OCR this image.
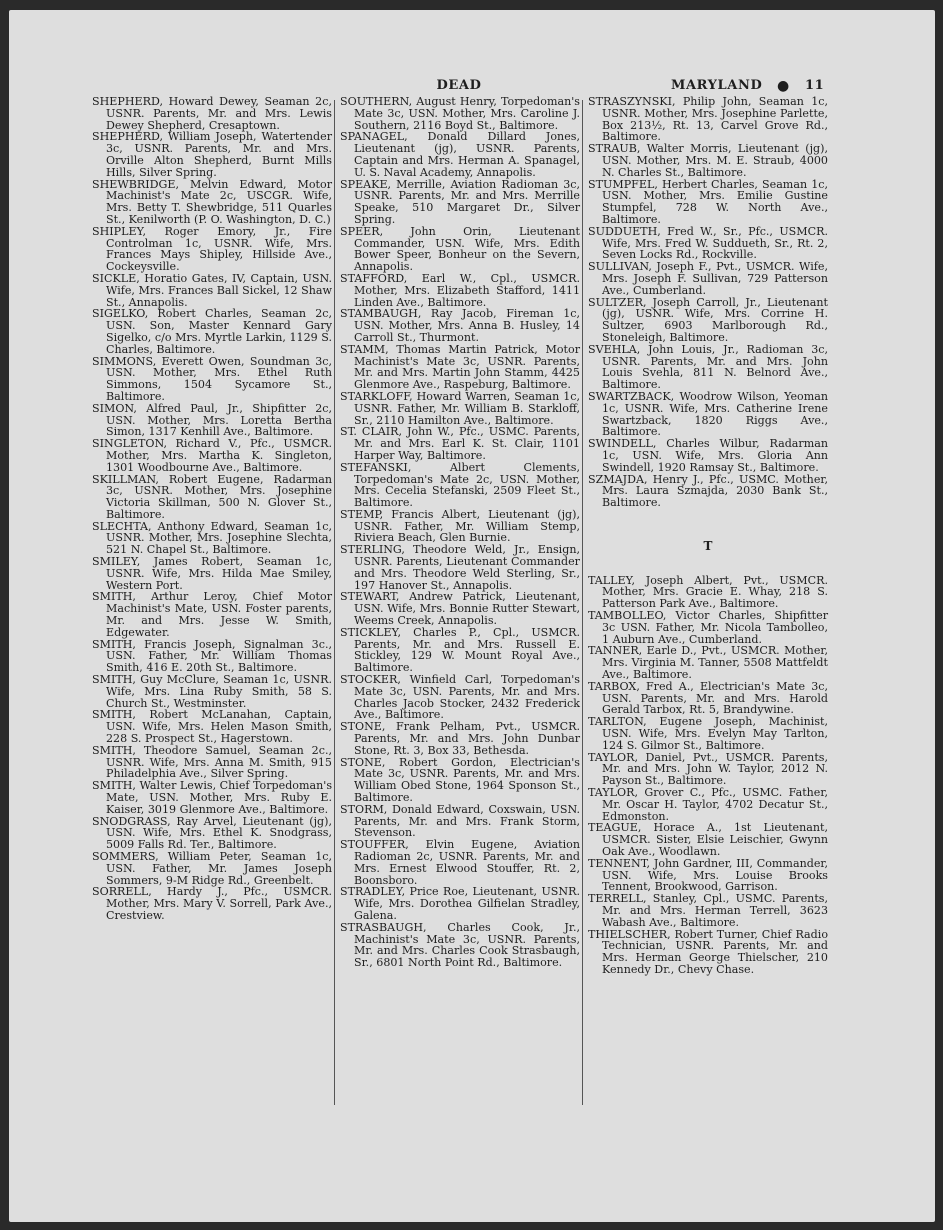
DEAD	MARYLAND ● 11
SHEPHERD, Howard Dewey, Seaman 2c, USNR. Parents, Mr. and Mrs. Lewis Dewey Shepherd, Cresaptown.
SHEPHERD, William Joseph, Watertender 3c, USNR. Parents, Mr. and Mrs. Orville Alton Shepherd, Burnt Mills Hills, Silver Spring.
SHEWBRIDGE, Melvin Edward, Motor Machinist's Mate 2c, USCGR. Wife, Mrs. Betty T. Shewbridge, 511 Quarles St., Kenilworth (P. O. Washington, D. C.)
SHIPLEY, Roger Emory, Jr., Fire Controlman 1c, USNR. Wife, Mrs. Frances Mays Shipley, Hillside Ave., Cockeysville.
SICKLE, Horatio Gates, IV, Captain, USN. Wife, Mrs. Frances Ball Sickel, 12 Shaw St., Annapolis.
SIGELKO, Robert Charles, Seaman 2c, USN. Son, Master Kennard Gary Sigelko, c/o Mrs. Myrtle Larkin, 1129 S. Charles, Baltimore.
SIMMONS, Everett Owen, Soundman 3c, USN. Mother, Mrs. Ethel Ruth Simmons, 1504 Sycamore St., Baltimore.
SIMON, Alfred Paul, Jr., Shipfitter 2c, USN. Mother, Mrs. Loretta Bertha Simon, 1317 Kenhill Ave., Baltimore.
SINGLETON, Richard V., Pfc., USMCR. Mother, Mrs. Martha K. Singleton, 1301 Woodbourne Ave., Baltimore.
SKILLMAN, Robert Eugene, Radarman 3c, USNR. Mother, Mrs. Josephine Victoria Skillman, 500 N. Glover St., Baltimore.
SLECHTA, Anthony Edward, Seaman 1c, USNR. Mother, Mrs. Josephine Slechta, 521 N. Chapel St., Baltimore.
SMILEY, James Robert, Seaman 1c, USNR. Wife, Mrs. Hilda Mae Smiley, Western Port.
SMITH, Arthur Leroy, Chief Motor Machinist's Mate, USN. Foster parents, Mr. and Mrs. Jesse W. Smith, Edgewater.
SMITH, Francis Joseph, Signalman 3c., USN. Father, Mr. William Thomas Smith, 416 E. 20th St., Baltimore.
SMITH, Guy McClure, Seaman 1c, USNR. Wife, Mrs. Lina Ruby Smith, 58 S. Church St., Westminster.
SMITH, Robert McLanahan, Captain, USN. Wife, Mrs. Helen Mason Smith, 228 S. Prospect St., Hagerstown.
SMITH, Theodore Samuel, Seaman 2c., USNR. Wife, Mrs. Anna M. Smith, 915 Philadelphia Ave., Silver Spring.
SMITH, Walter Lewis, Chief Torpedoman's Mate, USN. Mother, Mrs. Ruby E. Kaiser, 3019 Glenmore Ave., Baltimore.
SNODGRASS, Ray Arvel, Lieutenant (jg), USN. Wife, Mrs. Ethel K. Snodgrass, 5009 Falls Rd. Ter., Baltimore.
SOMMERS, William Peter, Seaman 1c, USN. Father, Mr. James Joseph Sommers, 9-M Ridge Rd., Greenbelt.
SORRELL, Hardy J., Pfc., USMCR. Mother, Mrs. Mary V. Sorrell, Park Ave., Crestview.
SOUTHERN, August Henry, Torpedoman's Mate 3c, USN. Mother, Mrs. Caroline J. Southern, 2116 Boyd St., Baltimore.
SPANAGEL, Donald Dillard Jones, Lieutenant (jg), USNR. Parents, Captain and Mrs. Herman A. Spanagel, U. S. Naval Academy, Annapolis.
SPEAKE, Merrille, Aviation Radioman 3c, USNR. Parents, Mr. and Mrs. Merrille Speake, 510 Margaret Dr., Silver Spring.
SPEER, John Orin, Lieutenant Commander, USN. Wife, Mrs. Edith Bower Speer, Bonheur on the Severn, Annapolis.
STAFFORD, Earl W., Cpl., USMCR. Mother, Mrs. Elizabeth Stafford, 1411 Linden Ave., Baltimore.
STAMBAUGH, Ray Jacob, Fireman 1c, USN. Mother, Mrs. Anna B. Husley, 14 Carroll St., Thurmont.
STAMM, Thomas Martin Patrick, Motor Machinist's Mate 3c, USNR. Parents, Mr. and Mrs. Martin John Stamm, 4425 Glenmore Ave., Raspeburg, Baltimore.
STARKLOFF, Howard Warren, Seaman 1c, USNR. Father, Mr. William B. Starkloff, Sr., 2110 Hamilton Ave., Baltimore.
ST. CLAIR, John W., Pfc., USMC. Parents, Mr. and Mrs. Earl K. St. Clair, 1101 Harper Way, Baltimore.
STEFANSKI, Albert Clements, Torpedoman's Mate 2c, USN. Mother, Mrs. Cecelia Stefanski, 2509 Fleet St., Baltimore.
STEMP, Francis Albert, Lieutenant (jg), USNR. Father, Mr. William Stemp, Riviera Beach, Glen Burnie.
STERLING, Theodore Weld, Jr., Ensign, USNR. Parents, Lieutenant Commander and Mrs. Theodore Weld Sterling, Sr., 197 Hanover St., Annapolis.
STEWART, Andrew Patrick, Lieutenant, USN. Wife, Mrs. Bonnie Rutter Stewart, Weems Creek, Annapolis.
STICKLEY, Charles P., Cpl., USMCR. Parents, Mr. and Mrs. Russell E. Stickley, 129 W. Mount Royal Ave., Baltimore.
STOCKER, Winfield Carl, Torpedoman's Mate 3c, USN. Parents, Mr. and Mrs. Charles Jacob Stocker, 2432 Frederick Ave., Baltimore.
STONE, Frank Pelham, Pvt., USMCR. Parents, Mr. and Mrs. John Dunbar Stone, Rt. 3, Box 33, Bethesda.
STONE, Robert Gordon, Electrician's Mate 3c, USNR. Parents, Mr. and Mrs. William Obed Stone, 1964 Sponson St., Baltimore.
STORM, Donald Edward, Coxswain, USN. Parents, Mr. and Mrs. Frank Storm, Stevenson.
STOUFFER, Elvin Eugene, Aviation Radioman 2c, USNR. Parents, Mr. and Mrs. Ernest Elwood Stouffer, Rt. 2, Boonsboro.
STRADLEY, Price Roe, Lieutenant, USNR. Wife, Mrs. Dorothea Gilfielan Stradley, Galena.
STRASBAUGH, Charles Cook, Jr., Machinist's Mate 3c, USNR. Parents, Mr. and Mrs. Charles Cook Strasbaugh, Sr., 6801 North Point Rd., Baltimore.
STRASZYNSKI, Philip John, Seaman 1c, USNR. Mother, Mrs. Josephine Parlette, Box 213½, Rt. 13, Carvel Grove Rd., Baltimore.
STRAUB, Walter Morris, Lieutenant (jg), USN. Mother, Mrs. M. E. Straub, 4000 N. Charles St., Baltimore.
STUMPFEL, Herbert Charles, Seaman 1c, USN. Mother, Mrs. Emilie Gustine Stumpfel, 728 W. North Ave., Baltimore.
SUDDUETH, Fred W., Sr., Pfc., USMCR. Wife, Mrs. Fred W. Suddueth, Sr., Rt. 2, Seven Locks Rd., Rockville.
SULLIVAN, Joseph F., Pvt., USMCR. Wife, Mrs. Joseph F. Sullivan, 729 Patterson Ave., Cumberland.
SULTZER, Joseph Carroll, Jr., Lieutenant (jg), USNR. Wife, Mrs. Corrine H. Sultzer, 6903 Marlborough Rd., Stoneleigh, Baltimore.
SVEHLA, John Louis, Jr., Radioman 3c, USNR. Parents, Mr. and Mrs. John Louis Svehla, 811 N. Belnord Ave., Baltimore.
SWARTZBACK, Woodrow Wilson, Yeoman 1c, USNR. Wife, Mrs. Catherine Irene Swartzback, 1820 Riggs Ave., Baltimore.
SWINDELL, Charles Wilbur, Radarman 1c, USN. Wife, Mrs. Gloria Ann Swindell, 1920 Ramsay St., Baltimore.
SZMAJDA, Henry J., Pfc., USMC. Mother, Mrs. Laura Szmajda, 2030 Bank St., Baltimore.
T
TALLEY, Joseph Albert, Pvt., USMCR. Mother, Mrs. Gracie E. Whay, 218 S. Patterson Park Ave., Baltimore.
TAMBOLLEO, Victor Charles, Shipfitter 3c USN. Father, Mr. Nicola Tambolleo, 1 Auburn Ave., Cumberland.
TANNER, Earle D., Pvt., USMCR. Mother, Mrs. Virginia M. Tanner, 5508 Mattfeldt Ave., Baltimore.
TARBOX, Fred A., Electrician's Mate 3c, USN. Parents, Mr. and Mrs. Harold Gerald Tarbox, Rt. 5, Brandywine.
TARLTON, Eugene Joseph, Machinist, USN. Wife, Mrs. Evelyn May Tarlton, 124 S. Gilmor St., Baltimore.
TAYLOR, Daniel, Pvt., USMCR. Parents, Mr. and Mrs. John W. Taylor, 2012 N. Payson St., Baltimore.
TAYLOR, Grover C., Pfc., USMC. Father, Mr. Oscar H. Taylor, 4702 Decatur St., Edmonston.
TEAGUE, Horace A., 1st Lieutenant, USMCR. Sister, Elsie Leischier, Gwynn Oak Ave., Woodlawn.
TENNENT, John Gardner, III, Commander, USN. Wife, Mrs. Louise Brooks Tennent, Brookwood, Garrison.
TERRELL, Stanley, Cpl., USMC. Parents, Mr. and Mrs. Herman Terrell, 3623 Wabash Ave., Baltimore.
THIELSCHER, Robert Turner, Chief Radio Technician, USNR. Parents, Mr. and Mrs. Herman George Thielscher, 210 Kennedy Dr., Chevy Chase.
